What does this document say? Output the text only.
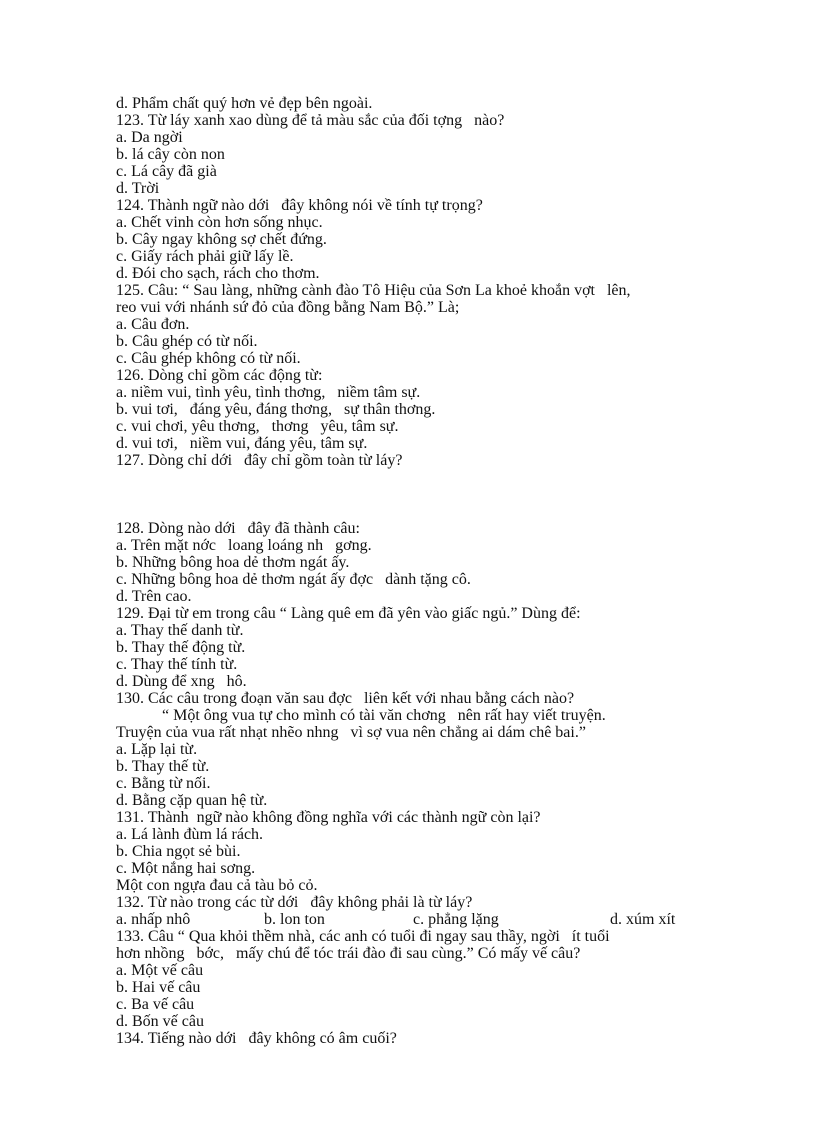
d. Phẩm chất quý hơn vẻ đẹp bên ngoài.
123. Từ láy xanh xao dùng để tả màu sắc của đối tợng   nào?
a. Da ngời
b. lá cây còn non
c. Lá cây đã già
d. Trời
124. Thành ngữ nào dới   đây không nói về tính tự trọng?
a. Chết vinh còn hơn sống nhục.
b. Cây ngay không sợ chết đứng.
c. Giấy rách phải giữ lấy lề.
d. Đói cho sạch, rách cho thơm.
125. Câu: “ Sau làng, những cành đào Tô Hiệu của Sơn La khoẻ khoắn vợt   lên,
reo vui với nhánh sứ đỏ của đồng bằng Nam Bộ.” Là;
a. Câu đơn.
b. Câu ghép có từ nối.
c. Câu ghép không có từ nối.
126. Dòng chỉ gồm các động từ:
a. niềm vui, tình yêu, tình thơng,   niềm tâm sự.
b. vui tơi,   đáng yêu, đáng thơng,   sự thân thơng.
c. vui chơi, yêu thơng,   thơng   yêu, tâm sự.
d. vui tơi,   niềm vui, đáng yêu, tâm sự.
127. Dòng chỉ dới   đây chỉ gồm toàn từ láy?
128. Dòng nào dới   đây đã thành câu:
a. Trên mặt nớc   loang loáng nh   gơng.
b. Những bông hoa dẻ thơm ngát ấy.
c. Những bông hoa dẻ thơm ngát ấy đợc   dành tặng cô.
d. Trên cao.
129. Đại từ em trong câu “ Làng quê em đã yên vào giấc ngủ.” Dùng để:
a. Thay thế danh từ.
b. Thay thế động từ.
c. Thay thế tính từ.
d. Dùng để xng   hô.
130. Các câu trong đoạn văn sau đợc   liên kết với nhau bằng cách nào?
“ Một ông vua tự cho mình có tài văn chơng   nên rất hay viết truyện.
Truyện của vua rất nhạt nhẽo nhng   vì sợ vua nên chẳng ai dám chê bai.”
a. Lặp lại từ.
b. Thay thế từ.
c. Bằng từ nối.
d. Bằng cặp quan hệ từ.
131. Thành  ngữ nào không đồng nghĩa với các thành ngữ còn lại?
a. Lá lành đùm lá rách.
b. Chia ngọt sẻ bùi.
c. Một nắng hai sơng.
Một con ngựa đau cả tàu bỏ cỏ.
132. Từ nào trong các từ dới   đây không phải là từ láy?
a. nhấp nhô	b. lon ton	c. phẳng lặng	d. xúm xít
133. Câu “ Qua khỏi thềm nhà, các anh có tuổi đi ngay sau thầy, ngời   ít tuổi
hơn nhồng   bớc,   mấy chú để tóc trái đào đi sau cùng.” Có mấy vế câu?
a. Một vế câu
b. Hai vế câu
c. Ba vế câu
d. Bốn vế câu
134. Tiếng nào dới   đây không có âm cuối?
